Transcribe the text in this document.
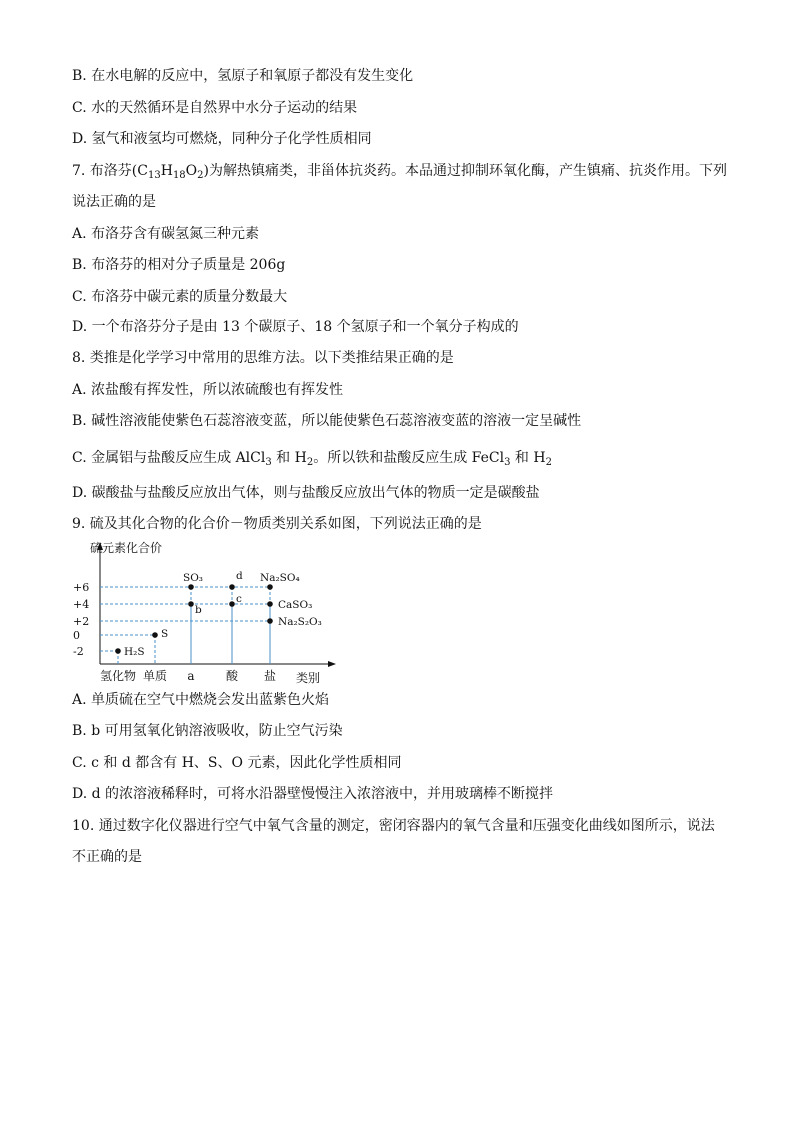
B. 在水电解的反应中，氢原子和氧原子都没有发生变化
C. 水的天然循环是自然界中水分子运动的结果
D. 氢气和液氢均可燃烧，同种分子化学性质相同
7. 布洛芬$(C_{13}H_{18}O_2)$为解热镇痛类，非甾体抗炎药。本品通过抑制环氧化酶，产生镇痛、抗炎作用。下列
说法正确的是
A. 布洛芬含有碳氢氮三种元素
B. 布洛芬的相对分子质量是 206g
C. 布洛芬中碳元素的质量分数最大
D. 一个布洛芬分子是由 13 个碳原子、18 个氢原子和一个氧分子构成的
8. 类推是化学学习中常用的思维方法。以下类推结果正确的是
A. 浓盐酸有挥发性，所以浓硫酸也有挥发性
B. 碱性溶液能使紫色石蕊溶液变蓝，所以能使紫色石蕊溶液变蓝的溶液一定呈碱性
C. 金属铝与盐酸反应生成 AlCl$_3$ 和 $H_2$。所以铁和盐酸反应生成 FeCl$_3$ 和 $H_2$
D. 碳酸盐与盐酸反应放出气体，则与盐酸反应放出气体的物质一定是碳酸盐
9. 硫及其化合物的化合价－物质类别关系如图，下列说法正确的是
硫元素化合价
类别
+6
+4
+2
0
-2
氢化物 单质 a	酸 盐
H₂S
S
SO₃
b
d
c
Na₂SO₄
CaSO₃
Na₂S₂O₃
A. 单质硫在空气中燃烧会发出蓝紫色火焰
B. b 可用氢氧化钠溶液吸收，防止空气污染
C. c 和 d 都含有 H、S、O 元素，因此化学性质相同
D. d 的浓溶液稀释时，可将水沿器壁慢慢注入浓溶液中，并用玻璃棒不断搅拌
10. 通过数字化仪器进行空气中氧气含量的测定，密闭容器内的氧气含量和压强变化曲线如图所示，说法
不正确的是
